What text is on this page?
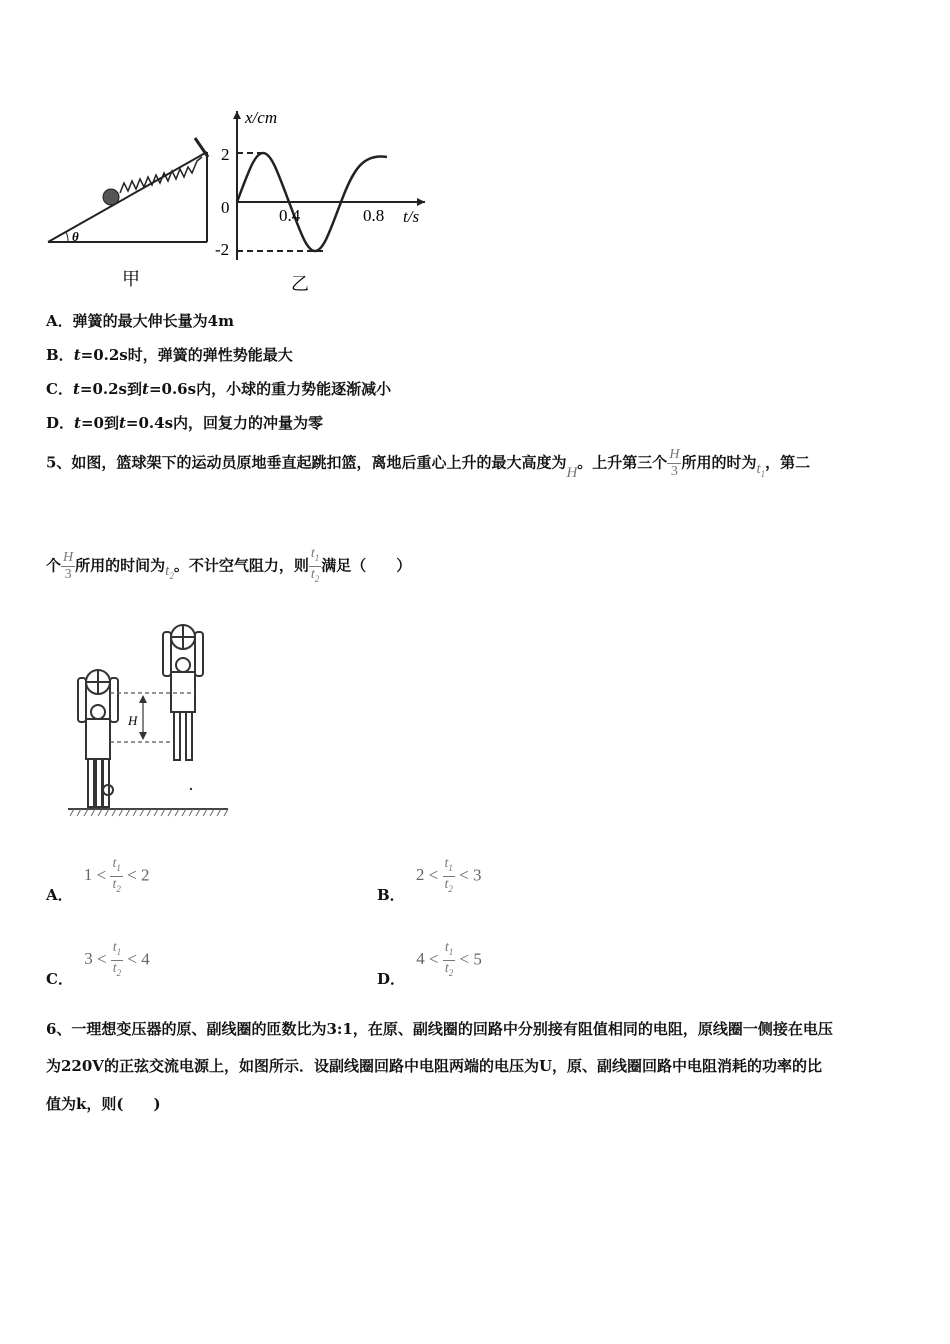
θ
甲
x/cm
t/s
2
0
-2
0.4	0.8
乙
A．弹簧的最大伸长量为4m
B．t=0.2s时，弹簧的弹性势能最大
C．t=0.2s到t=0.6s内，小球的重力势能逐渐减小
D．t=0到t=0.4s内，回复力的冲量为零
5、如图，篮球架下的运动员原地垂直起跳扣篮，离地后重心上升的最大高度为H。上升第三个 $\frac{H}{3}$ 所用的时为$t_1$，第二
个 $\frac{H}{3}$ 所用的时间为$t_2$。不计空气阻力，则 $\frac{t_1}{t_2}$ 满足（　　）
H
A． $1 < \frac{t_1}{t_2} < 2$
B． $2 < \frac{t_1}{t_2} < 3$
C． $3 < \frac{t_1}{t_2} < 4$
D． $4 < \frac{t_1}{t_2} < 5$
6、一理想变压器的原、副线圈的匝数比为3:1，在原、副线圈的回路中分别接有阻值相同的电阻，原线圈一侧接在电压
为220V的正弦交流电源上，如图所示．设副线圈回路中电阻两端的电压为U，原、副线圈回路中电阻消耗的功率的比
值为k，则(　　)
